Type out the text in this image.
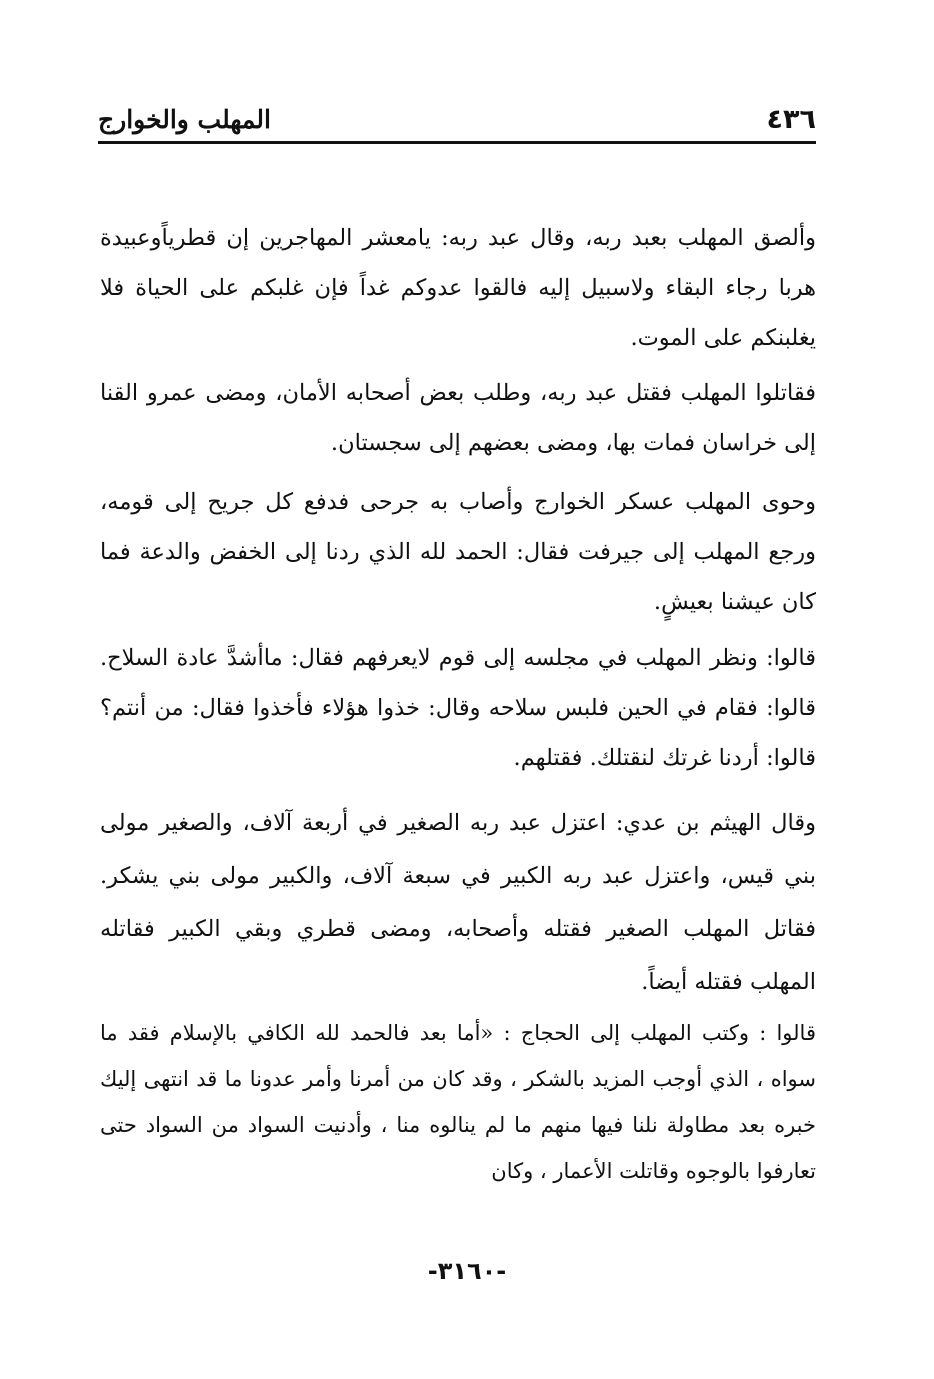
٤٣٦
المهلب والخوارج

وألصق المهلب بعبد ربه، وقال عبد ربه: يامعشر المهاجرين إن قطرياًوعبيدة هربا رجاء البقاء ولاسبيل إليه فالقوا عدوكم غداً فإن غلبكم على الحياة فلا يغلبنكم على الموت.

فقاتلوا المهلب فقتل عبد ربه، وطلب بعض أصحابه الأمان، ومضى عمرو القنا إلى خراسان فمات بها، ومضى بعضهم إلى سجستان.

وحوى المهلب عسكر الخوارج وأصاب به جرحى فدفع كل جريح إلى قومه، ورجع المهلب إلى جيرفت فقال: الحمد لله الذي ردنا إلى الخفض والدعة فما كان عيشنا بعيشٍ.

قالوا: ونظر المهلب في مجلسه إلى قوم لايعرفهم فقال: ماأشدَّ عادة السلاح. قالوا: فقام في الحين فلبس سلاحه وقال: خذوا هؤلاء فأخذوا فقال: من أنتم؟ قالوا: أردنا غرتك لنقتلك. فقتلهم.

وقال الهيثم بن عدي: اعتزل عبد ربه الصغير في أربعة آلاف، والصغير مولى بني قيس، واعتزل عبد ربه الكبير في سبعة آلاف، والكبير مولى بني يشكر. فقاتل المهلب الصغير فقتله وأصحابه، ومضى قطري وبقي الكبير فقاتله المهلب فقتله أيضاً.

قالوا : وكتب المهلب إلى الحجاج : «أما بعد فالحمد لله الكافي بالإسلام فقد ما سواه ، الذي أوجب المزيد بالشكر ، وقد كان من أمرنا وأمر عدونا ما قد انتهى إليك خبره بعد مطاولة نلنا فيها منهم ما لم ينالوه منا ، وأدنيت السواد من السواد حتى تعارفوا بالوجوه وقاتلت الأعمار ، وكان

-٣١٦٠-
